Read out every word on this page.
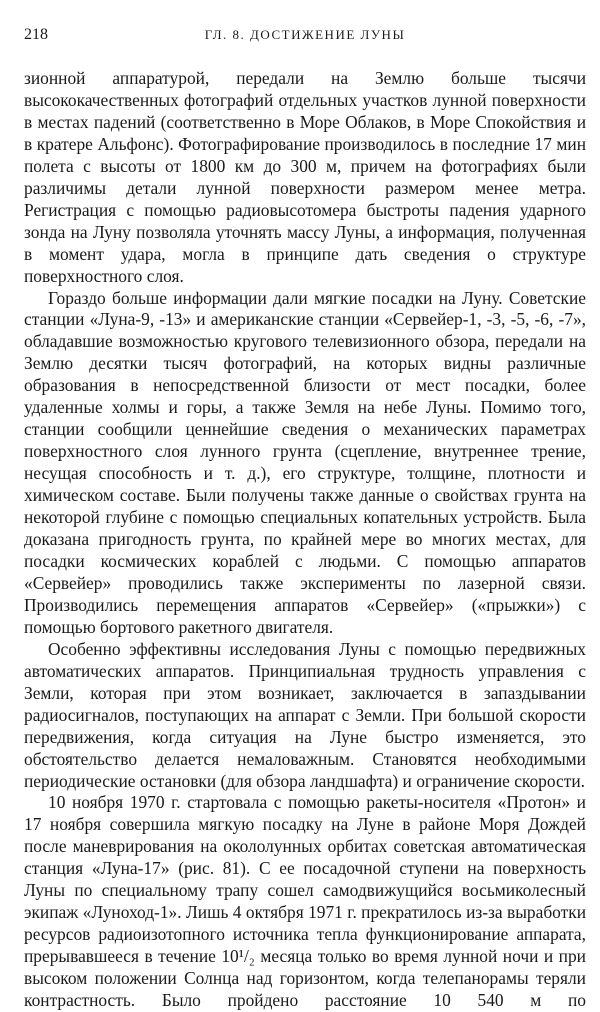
218	ГЛ. 8. ДОСТИЖЕНИЕ ЛУНЫ

зионной аппаратурой, передали на Землю больше тысячи высококачественных фотографий отдельных участков лунной поверхности в местах падений (соответственно в Море Облаков, в Море Спокойствия и в кратере Альфонс). Фотографирование производилось в последние 17 мин полета с высоты от 1800 км до 300 м, причем на фотографиях были различимы детали лунной поверхности размером менее метра. Регистрация с помощью радиовысотомера быстроты падения ударного зонда на Луну позволяла уточнять массу Луны, а информация, полученная в момент удара, могла в принципе дать сведения о структуре поверхностного слоя.

Гораздо больше информации дали мягкие посадки на Луну. Советские станции «Луна-9, -13» и американские станции «Сервейер-1, -3, -5, -6, -7», обладавшие возможностью кругового телевизионного обзора, передали на Землю десятки тысяч фотографий, на которых видны различные образования в непосредственной близости от мест посадки, более удаленные холмы и горы, а также Земля на небе Луны. Помимо того, станции сообщили ценнейшие сведения о механических параметрах поверхностного слоя лунного грунта (сцепление, внутреннее трение, несущая способность и т. д.), его структуре, толщине, плотности и химическом составе. Были получены также данные о свойствах грунта на некоторой глубине с помощью специальных копательных устройств. Была доказана пригодность грунта, по крайней мере во многих местах, для посадки космических кораблей с людьми. С помощью аппаратов «Сервейер» проводились также эксперименты по лазерной связи. Производились перемещения аппаратов «Сервейер» («прыжки») с помощью бортового ракетного двигателя.

Особенно эффективны исследования Луны с помощью передвижных автоматических аппаратов. Принципиальная трудность управления с Земли, которая при этом возникает, заключается в запаздывании радиосигналов, поступающих на аппарат с Земли. При большой скорости передвижения, когда ситуация на Луне быстро изменяется, это обстоятельство делается немаловажным. Становятся необходимыми периодические остановки (для обзора ландшафта) и ограничение скорости.

10 ноября 1970 г. стартовала с помощью ракеты-носителя «Протон» и 17 ноября совершила мягкую посадку на Луне в районе Моря Дождей после маневрирования на окололунных орбитах советская автоматическая станция «Луна-17» (рис. 81). С ее посадочной ступени на поверхность Луны по специальному трапу сошел самодвижущийся восьмиколесный экипаж «Луноход-1». Лишь 4 октября 1971 г. прекратилось из-за выработки ресурсов радиоизотопного источника тепла функционирование аппарата, прерывавшееся в течение 10¹/₂ месяца только во время лунной ночи и при высоком положении Солнца над горизонтом, когда телепанорамы теряли контрастность. Было пройдено расстояние 10 540 м по
